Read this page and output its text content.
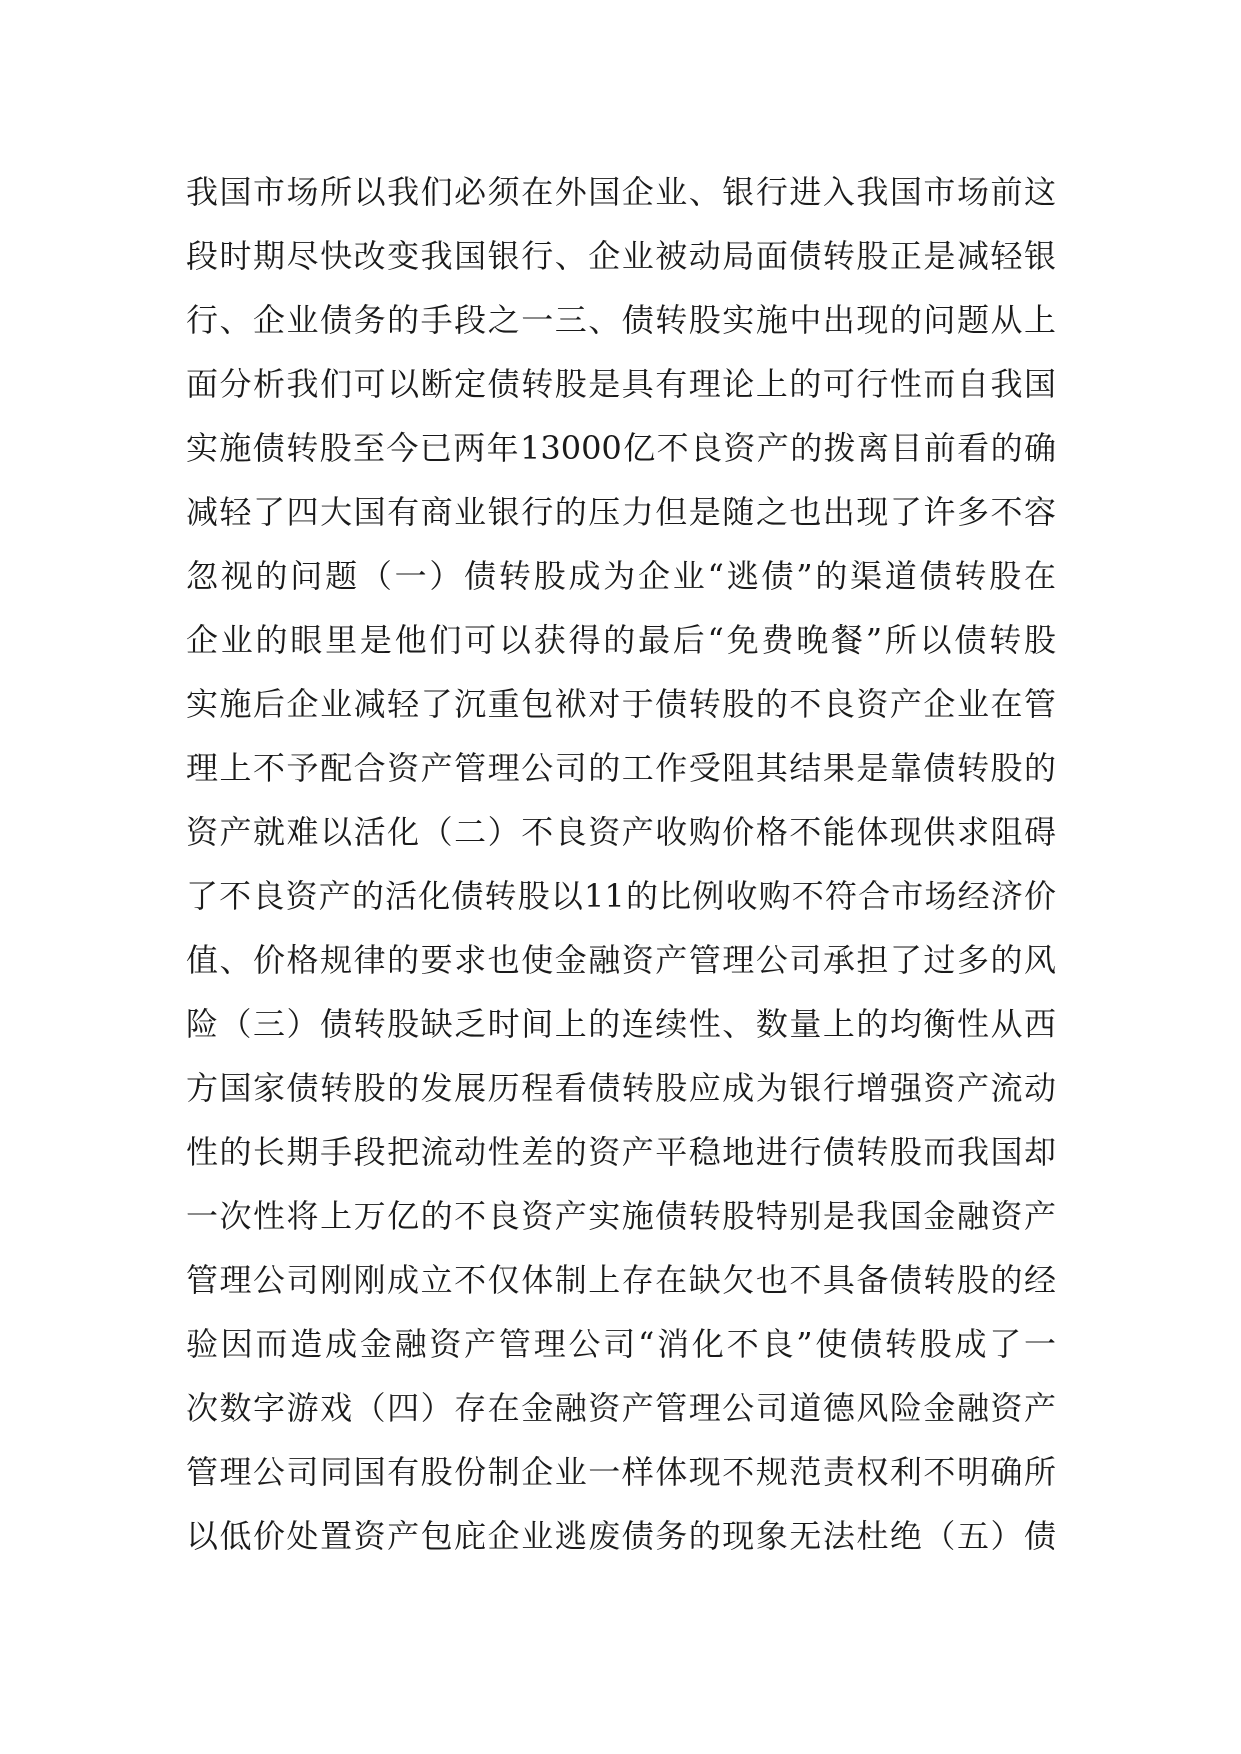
我国市场所以我们必须在外国企业、银行进入我国市场前这
段时期尽快改变我国银行、企业被动局面债转股正是减轻银
行、企业债务的手段之一三、债转股实施中出现的问题从上
面分析我们可以断定债转股是具有理论上的可行性而自我国
实施债转股至今已两年13000亿不良资产的拨离目前看的确
减轻了四大国有商业银行的压力但是随之也出现了许多不容
忽视的问题（一）债转股成为企业“逃债”的渠道债转股在
企业的眼里是他们可以获得的最后“免费晚餐”所以债转股
实施后企业减轻了沉重包袱对于债转股的不良资产企业在管
理上不予配合资产管理公司的工作受阻其结果是靠债转股的
资产就难以活化（二）不良资产收购价格不能体现供求阻碍
了不良资产的活化债转股以11的比例收购不符合市场经济价
值、价格规律的要求也使金融资产管理公司承担了过多的风
险（三）债转股缺乏时间上的连续性、数量上的均衡性从西
方国家债转股的发展历程看债转股应成为银行增强资产流动
性的长期手段把流动性差的资产平稳地进行债转股而我国却
一次性将上万亿的不良资产实施债转股特别是我国金融资产
管理公司刚刚成立不仅体制上存在缺欠也不具备债转股的经
验因而造成金融资产管理公司“消化不良”使债转股成了一
次数字游戏（四）存在金融资产管理公司道德风险金融资产
管理公司同国有股份制企业一样体现不规范责权利不明确所
以低价处置资产包庇企业逃废债务的现象无法杜绝（五）债
